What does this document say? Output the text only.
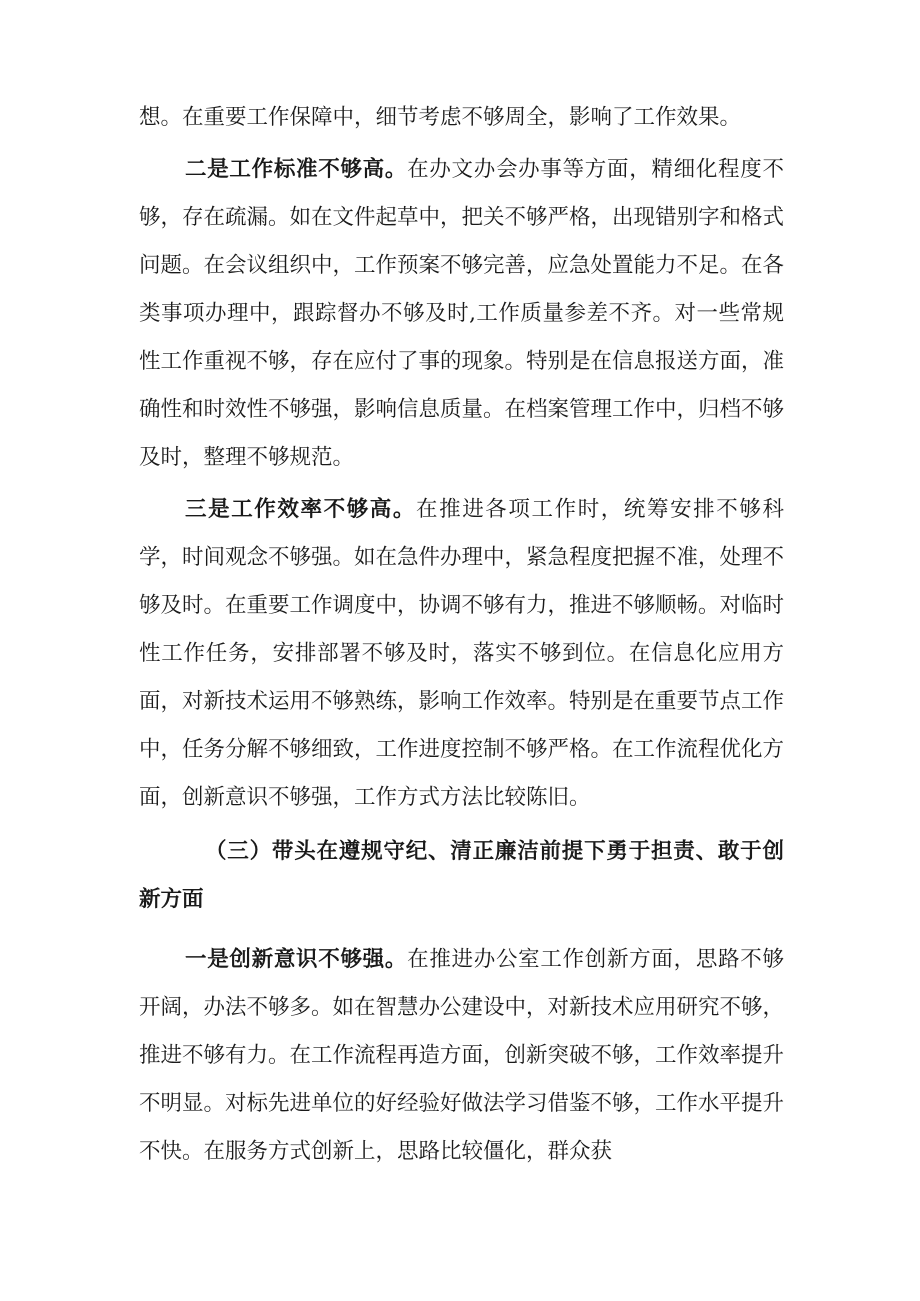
想。在重要工作保障中，细节考虑不够周全，影响了工作效果。

二是工作标准不够高。在办文办会办事等方面，精细化程度不够，存在疏漏。如在文件起草中，把关不够严格，出现错别字和格式问题。在会议组织中，工作预案不够完善，应急处置能力不足。在各类事项办理中，跟踪督办不够及时,工作质量参差不齐。对一些常规性工作重视不够，存在应付了事的现象。特别是在信息报送方面，准确性和时效性不够强，影响信息质量。在档案管理工作中，归档不够及时，整理不够规范。

三是工作效率不够高。在推进各项工作时，统筹安排不够科学，时间观念不够强。如在急件办理中，紧急程度把握不准，处理不够及时。在重要工作调度中，协调不够有力，推进不够顺畅。对临时性工作任务，安排部署不够及时，落实不够到位。在信息化应用方面，对新技术运用不够熟练，影响工作效率。特别是在重要节点工作中，任务分解不够细致，工作进度控制不够严格。在工作流程优化方面，创新意识不够强，工作方式方法比较陈旧。

（三）带头在遵规守纪、清正廉洁前提下勇于担责、敢于创新方面

一是创新意识不够强。在推进办公室工作创新方面，思路不够开阔，办法不够多。如在智慧办公建设中，对新技术应用研究不够，推进不够有力。在工作流程再造方面，创新突破不够，工作效率提升不明显。对标先进单位的好经验好做法学习借鉴不够，工作水平提升不快。在服务方式创新上，思路比较僵化，群众获
